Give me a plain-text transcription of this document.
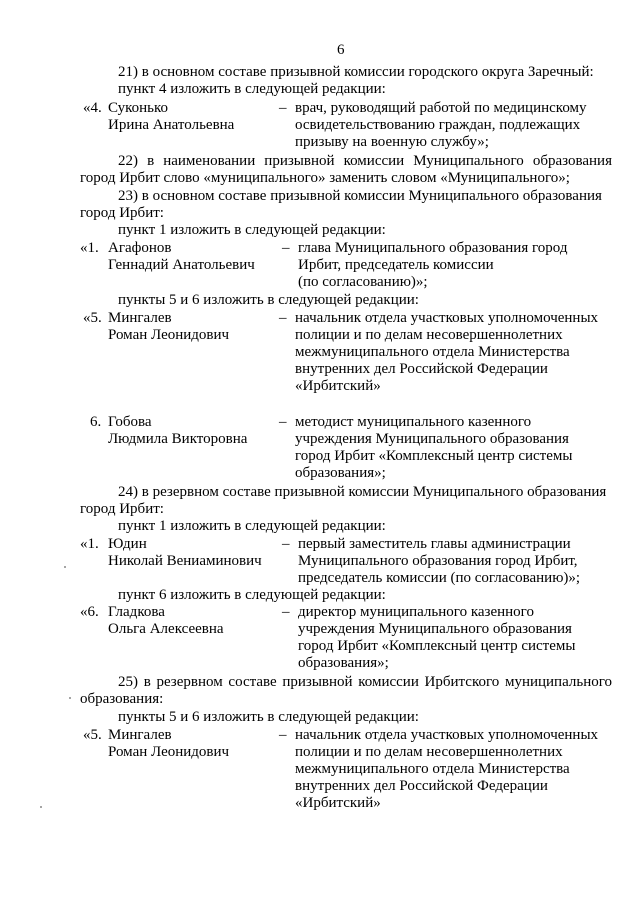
6
21) в основном составе призывной комиссии городского округа Заречный:
пункт 4 изложить в следующей редакции:
«4. Суконько
Ирина Анатольевна
– врач, руководящий работой по медицинскому
освидетельствованию граждан, подлежащих
призыву на военную службу»;
22) в наименовании призывной комиссии Муниципального образования
город Ирбит слово «муниципального» заменить словом «Муниципального»;
23) в основном составе призывной комиссии Муниципального образования
город Ирбит:
пункт 1 изложить в следующей редакции:
«1. Агафонов
Геннадий Анатольевич
– глава Муниципального образования город
Ирбит, председатель комиссии
(по согласованию)»;
пункты 5 и 6 изложить в следующей редакции:
«5. Мингалев
Роман Леонидович
– начальник отдела участковых уполномоченных
полиции и по делам несовершеннолетних
межмуниципального отдела Министерства
внутренних дел Российской Федерации
«Ирбитский»
6. Гобова
Людмила Викторовна
– методист муниципального казенного
учреждения Муниципального образования
город Ирбит «Комплексный центр системы
образования»;
24) в резервном составе призывной комиссии Муниципального образования
город Ирбит:
пункт 1 изложить в следующей редакции:
«1. Юдин
Николай Вениаминович
– первый заместитель главы администрации
Муниципального образования город Ирбит,
председатель комиссии (по согласованию)»;
пункт 6 изложить в следующей редакции:
«6. Гладкова
Ольга Алексеевна
– директор муниципального казенного
учреждения Муниципального образования
город Ирбит «Комплексный центр системы
образования»;
25) в резервном составе призывной комиссии Ирбитского муниципального
образования:
пункты 5 и 6 изложить в следующей редакции:
«5. Мингалев
Роман Леонидович
– начальник отдела участковых уполномоченных
полиции и по делам несовершеннолетних
межмуниципального отдела Министерства
внутренних дел Российской Федерации
«Ирбитский»
